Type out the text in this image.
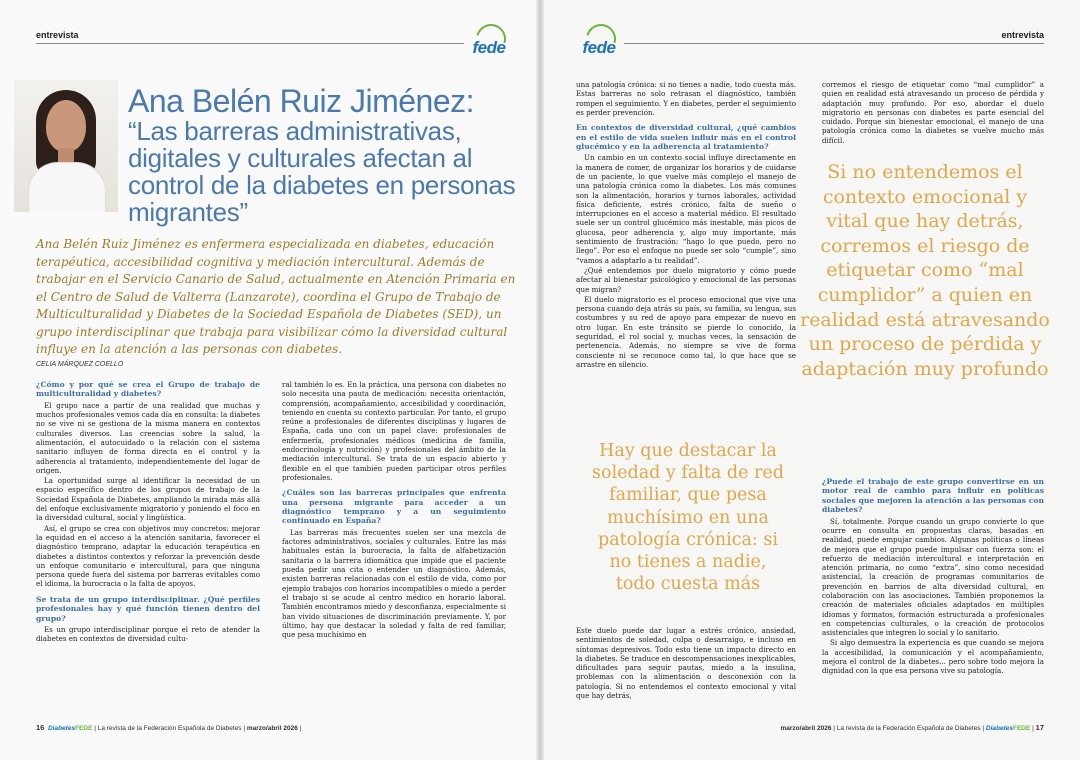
entrevista
fede
Ana Belén Ruiz Jiménez:
“Las barreras administrativas, digitales y culturales afectan al control de la diabetes en personas migrantes”

Ana Belén Ruiz Jiménez es enfermera especializada en diabetes, educación terapéutica, accesibilidad cognitiva y mediación intercultural. Además de trabajar en el Servicio Canario de Salud, actualmente en Atención Primaria en el Centro de Salud de Valterra (Lanzarote), coordina el Grupo de Trabajo de Multiculturalidad y Diabetes de la Sociedad Española de Diabetes (SED), un grupo interdisciplinar que trabaja para visibilizar cómo la diversidad cultural influye en la atención a las personas con diabetes.

CELIA MÁRQUEZ COELLO
¿Cómo y por qué se crea el Grupo de trabajo de multiculturalidad y diabetes?

El grupo nace a partir de una realidad que muchas y muchos profesionales vemos cada día en consulta: la diabetes no se vive ni se gestiona de la misma manera en contextos culturales diversos. Las creencias sobre la salud, la alimentación, el autocuidado o la relación con el sistema sanitario influyen de forma directa en el control y la adherencia al tratamiento, independientemente del lugar de origen.

La oportunidad surge al identificar la necesidad de un espacio específico dentro de los grupos de trabajo de la Sociedad Española de Diabetes, ampliando la mirada más allá del enfoque exclusivamente migratorio y poniendo el foco en la diversidad cultural, social y lingüística.

Así, el grupo se crea con objetivos muy concretos: mejorar la equidad en el acceso a la atención sanitaria, favorecer el diagnóstico temprano, adaptar la educación terapéutica en diabetes a distintos contextos y reforzar la prevención desde un enfoque comunitario e intercultural, para que ninguna persona quede fuera del sistema por barreras evitables como el idioma, la burocracia o la falta de apoyos.

Se trata de un grupo interdisciplinar. ¿Qué perfiles profesionales hay y qué función tienen dentro del grupo?

Es un grupo interdisciplinar porque el reto de atender la diabetes en contextos de diversidad cultu-

ral también lo es. En la práctica, una persona con diabetes no solo necesita una pauta de medicación: necesita orientación, comprensión, acompañamiento, accesibilidad y coordinación, teniendo en cuenta su contexto particular. Por tanto, el grupo reúne a profesionales de diferentes disciplinas y lugares de España, cada uno con un papel clave: profesionales de enfermería, profesionales médicos (medicina de familia, endocrinología y nutrición) y profesionales del ámbito de la mediación intercultural. Se trata de un espacio abierto y flexible en el que también pueden participar otros perfiles profesionales.

¿Cuáles son las barreras principales que enfrenta una persona migrante para acceder a un diagnóstico temprano y a un seguimiento continuado en España?

Las barreras más frecuentes suelen ser una mezcla de factores administrativos, sociales y culturales. Entre las más habituales están la burocracia, la falta de alfabetización sanitaria o la barrera idiomática que impide que el paciente pueda pedir una cita o entender un diagnóstico. Además, existen barreras relacionadas con el estilo de vida, como por ejemplo trabajos con horarios incompatibles o miedo a perder el trabajo si se acude al centro médico en horario laboral. También encontramos miedo y desconfianza, especialmente si han vivido situaciones de discriminación previamente. Y, por último, hay que destacar la soledad y falta de red familiar, que pesa muchísimo en

16 DiabetesFEDE | La revista de la Federación Española de Diabetes | marzo/abril 2026 |
fede
entrevista
marzo/abril 2026 | La revista de la Federación Española de Diabetes | DiabetesFEDE | 17

una patología crónica: si no tienes a nadie, todo cuesta más. Estas barreras no solo retrasan el diagnóstico, también rompen el seguimiento. Y en diabetes, perder el seguimiento es perder prevención.

En contextos de diversidad cultural, ¿qué cambios en el estilo de vida suelen influir más en el control glucémico y en la adherencia al tratamiento?

Un cambio en un contexto social influye directamente en la manera de comer, de organizar los horarios y de cuidarse de un paciente, lo que vuelve más complejo el manejo de una patología crónica como la diabetes. Los más comunes son la alimentación, horarios y turnos laborales, actividad física deficiente, estrés crónico, falta de sueño o interrupciones en el acceso a material médico. El resultado suele ser un control glucémico más inestable, más picos de glucosa, peor adherencia y, algo muy importante, más sentimiento de frustración: “hago lo que puedo, pero no llego”. Por eso el enfoque no puede ser solo “cumple”, sino “vamos a adaptarlo a tu realidad”.

¿Qué entendemos por duelo migratorio y cómo puede afectar al bienestar psicológico y emocional de las personas que migran?

El duelo migratorio es el proceso emocional que vive una persona cuando deja atrás su país, su familia, su lengua, sus costumbres y su red de apoyo para empezar de nuevo en otro lugar. En este tránsito se pierde lo conocido, la seguridad, el rol social y, muchas veces, la sensación de pertenencia. Además, no siempre se vive de forma consciente ni se reconoce como tal, lo que hace que se arrastre en silencio.

Hay que destacar la soledad y falta de red familiar, que pesa muchísimo en una patología crónica: si no tienes a nadie, todo cuesta más

Este duelo puede dar lugar a estrés crónico, ansiedad, sentimientos de soledad, culpa o desarraigo, e incluso en síntomas depresivos. Todo esto tiene un impacto directo en la diabetes. Se traduce en descompensaciones inexplicables, dificultades para seguir pautas, miedo a la insulina, problemas con la alimentación o desconexión con la patología. Si no entendemos el contexto emocional y vital que hay detrás,

corremos el riesgo de etiquetar como “mal cumplidor” a quien en realidad está atravesando un proceso de pérdida y adaptación muy profundo. Por eso, abordar el duelo migratorio en personas con diabetes es parte esencial del cuidado. Porque sin bienestar emocional, el manejo de una patología crónica como la diabetes se vuelve mucho más difícil.

Si no entendemos el contexto emocional y vital que hay detrás, corremos el riesgo de etiquetar como “mal cumplidor” a quien en realidad está atravesando un proceso de pérdida y adaptación muy profundo

¿Puede el trabajo de este grupo convertirse en un motor real de cambio para influir en políticas sociales que mejoren la atención a las personas con diabetes?

Sí, totalmente. Porque cuando un grupo convierte lo que ocurre en consulta en propuestas claras, basadas en realidad, puede empujar cambios. Algunas políticas o líneas de mejora que el grupo puede impulsar con fuerza son: el refuerzo de mediación intercultural e interpretación en atención primaria, no como “extra”, sino como necesidad asistencial, la creación de programas comunitarios de prevención en barrios de alta diversidad cultural, en colaboración con las asociaciones. También proponemos la creación de materiales oficiales adaptados en múltiples idiomas y formatos, formación estructurada a profesionales en competencias culturales, o la creación de protocolos asistenciales que integren lo social y lo sanitario.

Si algo demuestra la experiencia es que cuando se mejora la accesibilidad, la comunicación y el acompañamiento, mejora el control de la diabetes... pero sobre todo mejora la dignidad con la que esa persona vive su patología.
